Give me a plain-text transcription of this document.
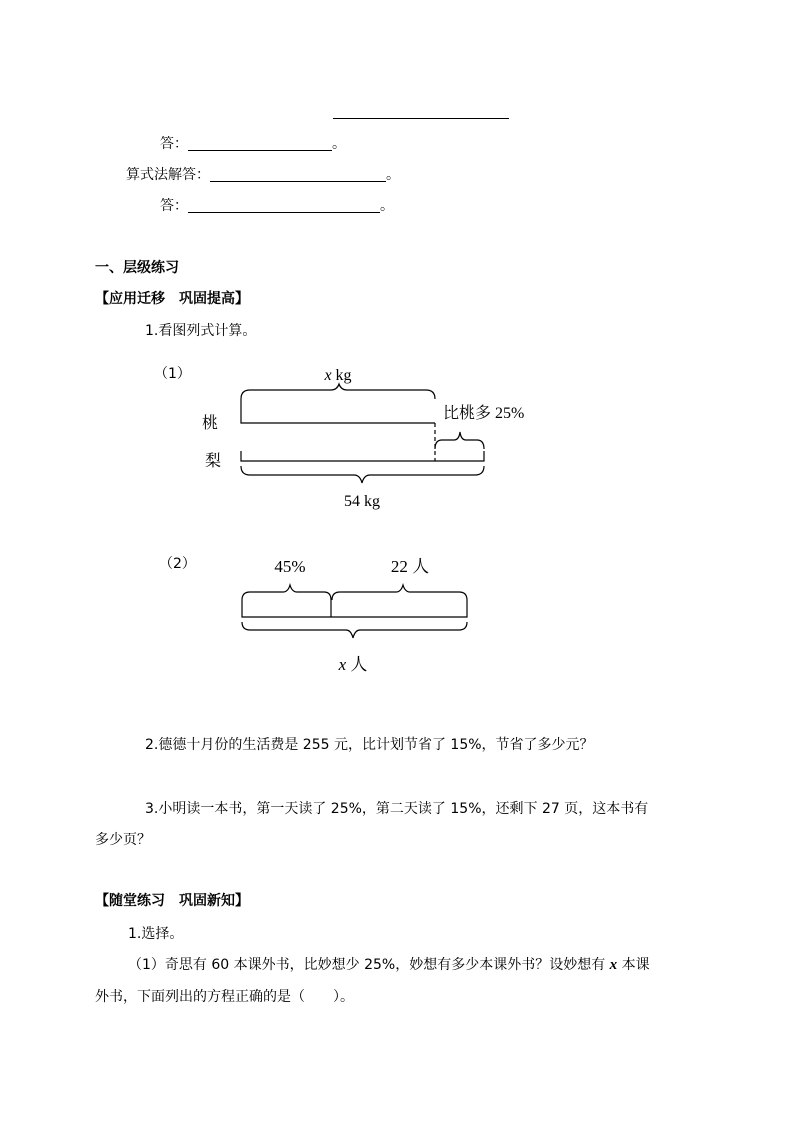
答：	。
算式法解答：	。
答：	。
一、层级练习
【应用迁移　巩固提高】
1.看图列式计算。
（1）	x kg
桃
梨
比桃多 25%
54 kg
（2）	45%	22 人
x 人
2.德德十月份的生活费是 255 元，比计划节省了 15%，节省了多少元？
3.小明读一本书，第一天读了 25%，第二天读了 15%，还剩下 27 页，这本书有
多少页？
【随堂练习　巩固新知】
1.选择。
（1）奇思有 60 本课外书，比妙想少 25%，妙想有多少本课外书？设妙想有 x 本课
外书，下面列出的方程正确的是（　　）。
